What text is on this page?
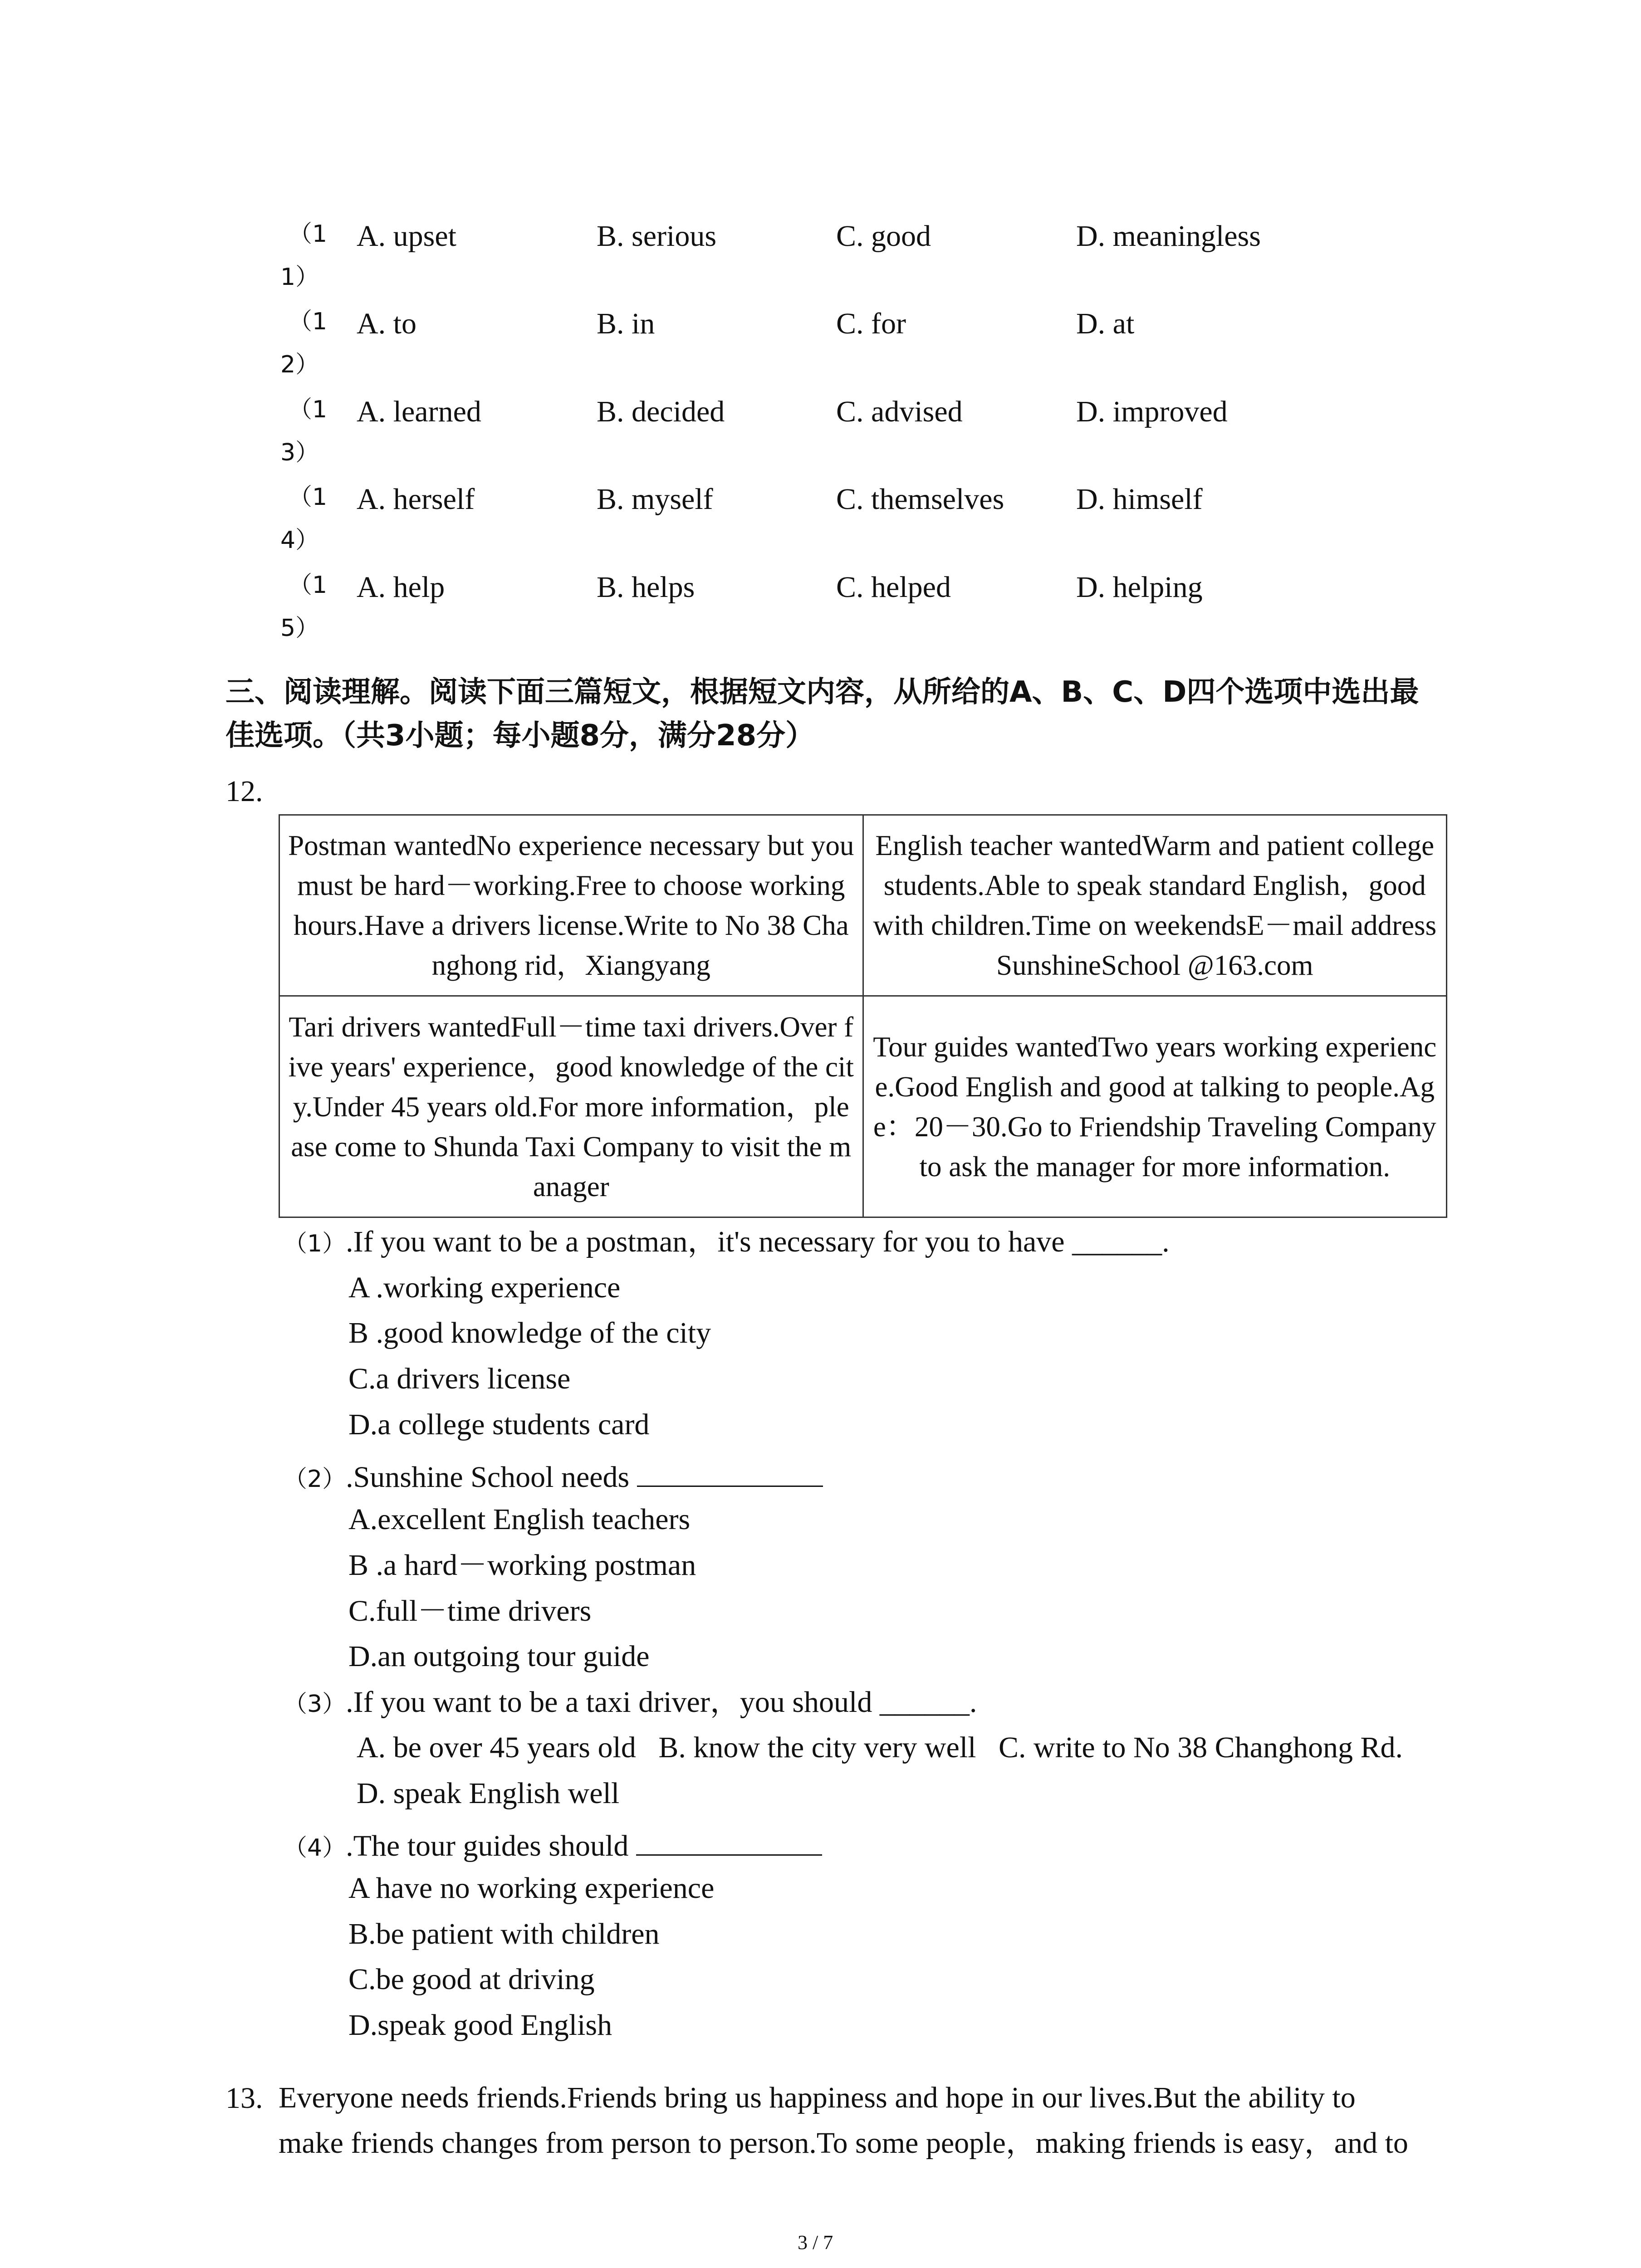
（1
1）
A. upset	B. serious	C. good	D. meaningless
（1
2）
A. to	B. in	C. for	D. at
（1
3）
A. learned	B. decided	C. advised	D. improved
（1
4）
A. herself	B. myself	C. themselves D. himself
（1
5）
A. help	B. helps	C. helped	D. helping
三、阅读理解。阅读下面三篇短文，根据短文内容，从所给的A、B、C、D四个选项中选出最
佳选项。（共3小题；每小题8分，满分28分）
12.
Postman wantedNo experience necessary but you must be hard－working.Free to choose working hours.Have a drivers license.Write to No 38 Changhong rid，Xiangyang	English teacher wantedWarm and patient college students.Able to speak standard English，good with children.Time on weekendsE－mail address SunshineSchool @163.com
Tari drivers wantedFull－time taxi drivers.Over five years' experience，good knowledge of the city.Under 45 years old.For more information，please come to Shunda Taxi Company to visit the manager	Tour guides wantedTwo years working experience.Good English and good at talking to people.Age：20－30.Go to Friendship Traveling Company to ask the manager for more information.
（1）.If you want to be a postman，it's necessary for you to have ______.
A .working experience
B .good knowledge of the city
C.a drivers license
D.a college students card
（2）.Sunshine School needs
A.excellent English teachers
B .a hard－working postman
C.full－time drivers
D.an outgoing tour guide
（3）.If you want to be a taxi driver，you should ______.
A. be over 45 years old   B. know the city very well   C. write to No 38 Changhong Rd.
D. speak English well
（4）.The tour guides should
A have no working experience
B.be patient with children
C.be good at driving
D.speak good English
13. Everyone needs friends.Friends bring us happiness and hope in our lives.But the ability to
make friends changes from person to person.To some people，making friends is easy，and to
3 / 7
